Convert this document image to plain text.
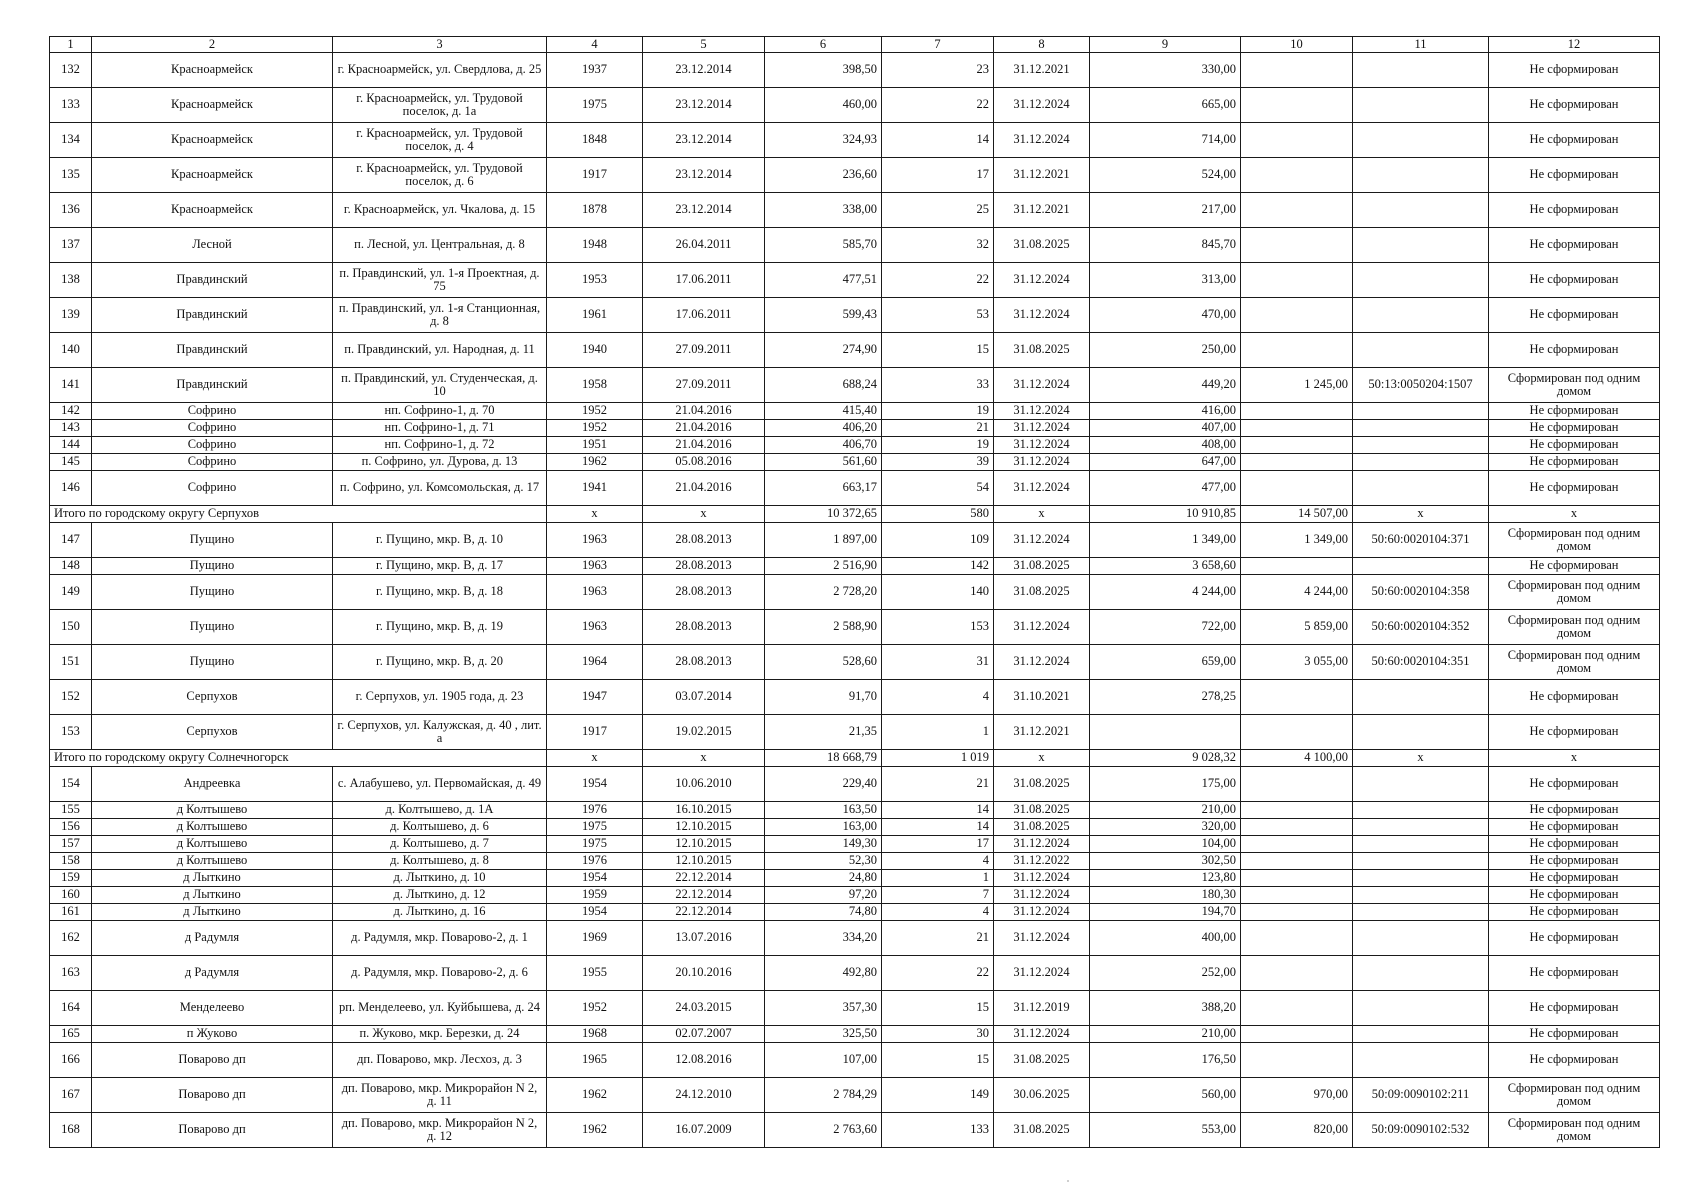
1	2	3	4	5	6	7	8	9	10	11	12
132	Красноармейск	г. Красноармейск, ул. Свердлова, д. 25	1937	23.12.2014	398,50	23	31.12.2021	330,00			Не сформирован
133	Красноармейск	г. Красноармейск, ул. Трудовой поселок, д. 1а	1975	23.12.2014	460,00	22	31.12.2024	665,00			Не сформирован
134	Красноармейск	г. Красноармейск, ул. Трудовой поселок, д. 4	1848	23.12.2014	324,93	14	31.12.2024	714,00			Не сформирован
135	Красноармейск	г. Красноармейск, ул. Трудовой поселок, д. 6	1917	23.12.2014	236,60	17	31.12.2021	524,00			Не сформирован
136	Красноармейск	г. Красноармейск, ул. Чкалова, д. 15	1878	23.12.2014	338,00	25	31.12.2021	217,00			Не сформирован
137	Лесной	п. Лесной, ул. Центральная, д. 8	1948	26.04.2011	585,70	32	31.08.2025	845,70			Не сформирован
138	Правдинский	п. Правдинский, ул. 1-я Проектная, д. 75	1953	17.06.2011	477,51	22	31.12.2024	313,00			Не сформирован
139	Правдинский	п. Правдинский, ул. 1-я Станционная, д. 8	1961	17.06.2011	599,43	53	31.12.2024	470,00			Не сформирован
140	Правдинский	п. Правдинский, ул. Народная, д. 11	1940	27.09.2011	274,90	15	31.08.2025	250,00			Не сформирован
141	Правдинский	п. Правдинский, ул. Студенческая, д. 10	1958	27.09.2011	688,24	33	31.12.2024	449,20	1 245,00	50:13:0050204:1507	Сформирован под одним домом
142	Софрино	нп. Софрино-1, д. 70	1952	21.04.2016	415,40	19	31.12.2024	416,00			Не сформирован
143	Софрино	нп. Софрино-1, д. 71	1952	21.04.2016	406,20	21	31.12.2024	407,00			Не сформирован
144	Софрино	нп. Софрино-1, д. 72	1951	21.04.2016	406,70	19	31.12.2024	408,00			Не сформирован
145	Софрино	п. Софрино, ул. Дурова, д. 13	1962	05.08.2016	561,60	39	31.12.2024	647,00			Не сформирован
146	Софрино	п. Софрино, ул. Комсомольская, д. 17	1941	21.04.2016	663,17	54	31.12.2024	477,00			Не сформирован
Итого по городскому округу Серпухов			х	х	10 372,65	580	х	10 910,85	14 507,00	х	х
147	Пущино	г. Пущино, мкр. В, д. 10	1963	28.08.2013	1 897,00	109	31.12.2024	1 349,00	1 349,00	50:60:0020104:371	Сформирован под одним домом
148	Пущино	г. Пущино, мкр. В, д. 17	1963	28.08.2013	2 516,90	142	31.08.2025	3 658,60			Не сформирован
149	Пущино	г. Пущино, мкр. В, д. 18	1963	28.08.2013	2 728,20	140	31.08.2025	4 244,00	4 244,00	50:60:0020104:358	Сформирован под одним домом
150	Пущино	г. Пущино, мкр. В, д. 19	1963	28.08.2013	2 588,90	153	31.12.2024	722,00	5 859,00	50:60:0020104:352	Сформирован под одним домом
151	Пущино	г. Пущино, мкр. В, д. 20	1964	28.08.2013	528,60	31	31.12.2024	659,00	3 055,00	50:60:0020104:351	Сформирован под одним домом
152	Серпухов	г. Серпухов, ул. 1905 года, д. 23	1947	03.07.2014	91,70	4	31.10.2021	278,25			Не сформирован
153	Серпухов	г. Серпухов, ул. Калужская, д. 40 , лит. а	1917	19.02.2015	21,35	1	31.12.2021				Не сформирован
Итого по городскому округу Солнечногорск			х	х	18 668,79	1 019	х	9 028,32	4 100,00	х	х
154	Андреевка	с. Алабушево, ул. Первомайская, д. 49	1954	10.06.2010	229,40	21	31.08.2025	175,00			Не сформирован
155	д Колтышево	д. Колтышево, д. 1А	1976	16.10.2015	163,50	14	31.08.2025	210,00			Не сформирован
156	д Колтышево	д. Колтышево, д. 6	1975	12.10.2015	163,00	14	31.08.2025	320,00			Не сформирован
157	д Колтышево	д. Колтышево, д. 7	1975	12.10.2015	149,30	17	31.12.2024	104,00			Не сформирован
158	д Колтышево	д. Колтышево, д. 8	1976	12.10.2015	52,30	4	31.12.2022	302,50			Не сформирован
159	д Лыткино	д. Лыткино, д. 10	1954	22.12.2014	24,80	1	31.12.2024	123,80			Не сформирован
160	д Лыткино	д. Лыткино, д. 12	1959	22.12.2014	97,20	7	31.12.2024	180,30			Не сформирован
161	д Лыткино	д. Лыткино, д. 16	1954	22.12.2014	74,80	4	31.12.2024	194,70			Не сформирован
162	д Радумля	д. Радумля, мкр. Поварово-2, д. 1	1969	13.07.2016	334,20	21	31.12.2024	400,00			Не сформирован
163	д Радумля	д. Радумля, мкр. Поварово-2, д. 6	1955	20.10.2016	492,80	22	31.12.2024	252,00			Не сформирован
164	Менделеево	рп. Менделеево, ул. Куйбышева, д. 24	1952	24.03.2015	357,30	15	31.12.2019	388,20			Не сформирован
165	п Жуково	п. Жуково, мкр. Березки, д. 24	1968	02.07.2007	325,50	30	31.12.2024	210,00			Не сформирован
166	Поварово дп	дп. Поварово, мкр. Лесхоз, д. 3	1965	12.08.2016	107,00	15	31.08.2025	176,50			Не сформирован
167	Поварово дп	дп. Поварово, мкр. Микрорайон N 2, д. 11	1962	24.12.2010	2 784,29	149	30.06.2025	560,00	970,00	50:09:0090102:211	Сформирован под одним домом
168	Поварово дп	дп. Поварово, мкр. Микрорайон N 2, д. 12	1962	16.07.2009	2 763,60	133	31.08.2025	553,00	820,00	50:09:0090102:532	Сформирован под одним домом
